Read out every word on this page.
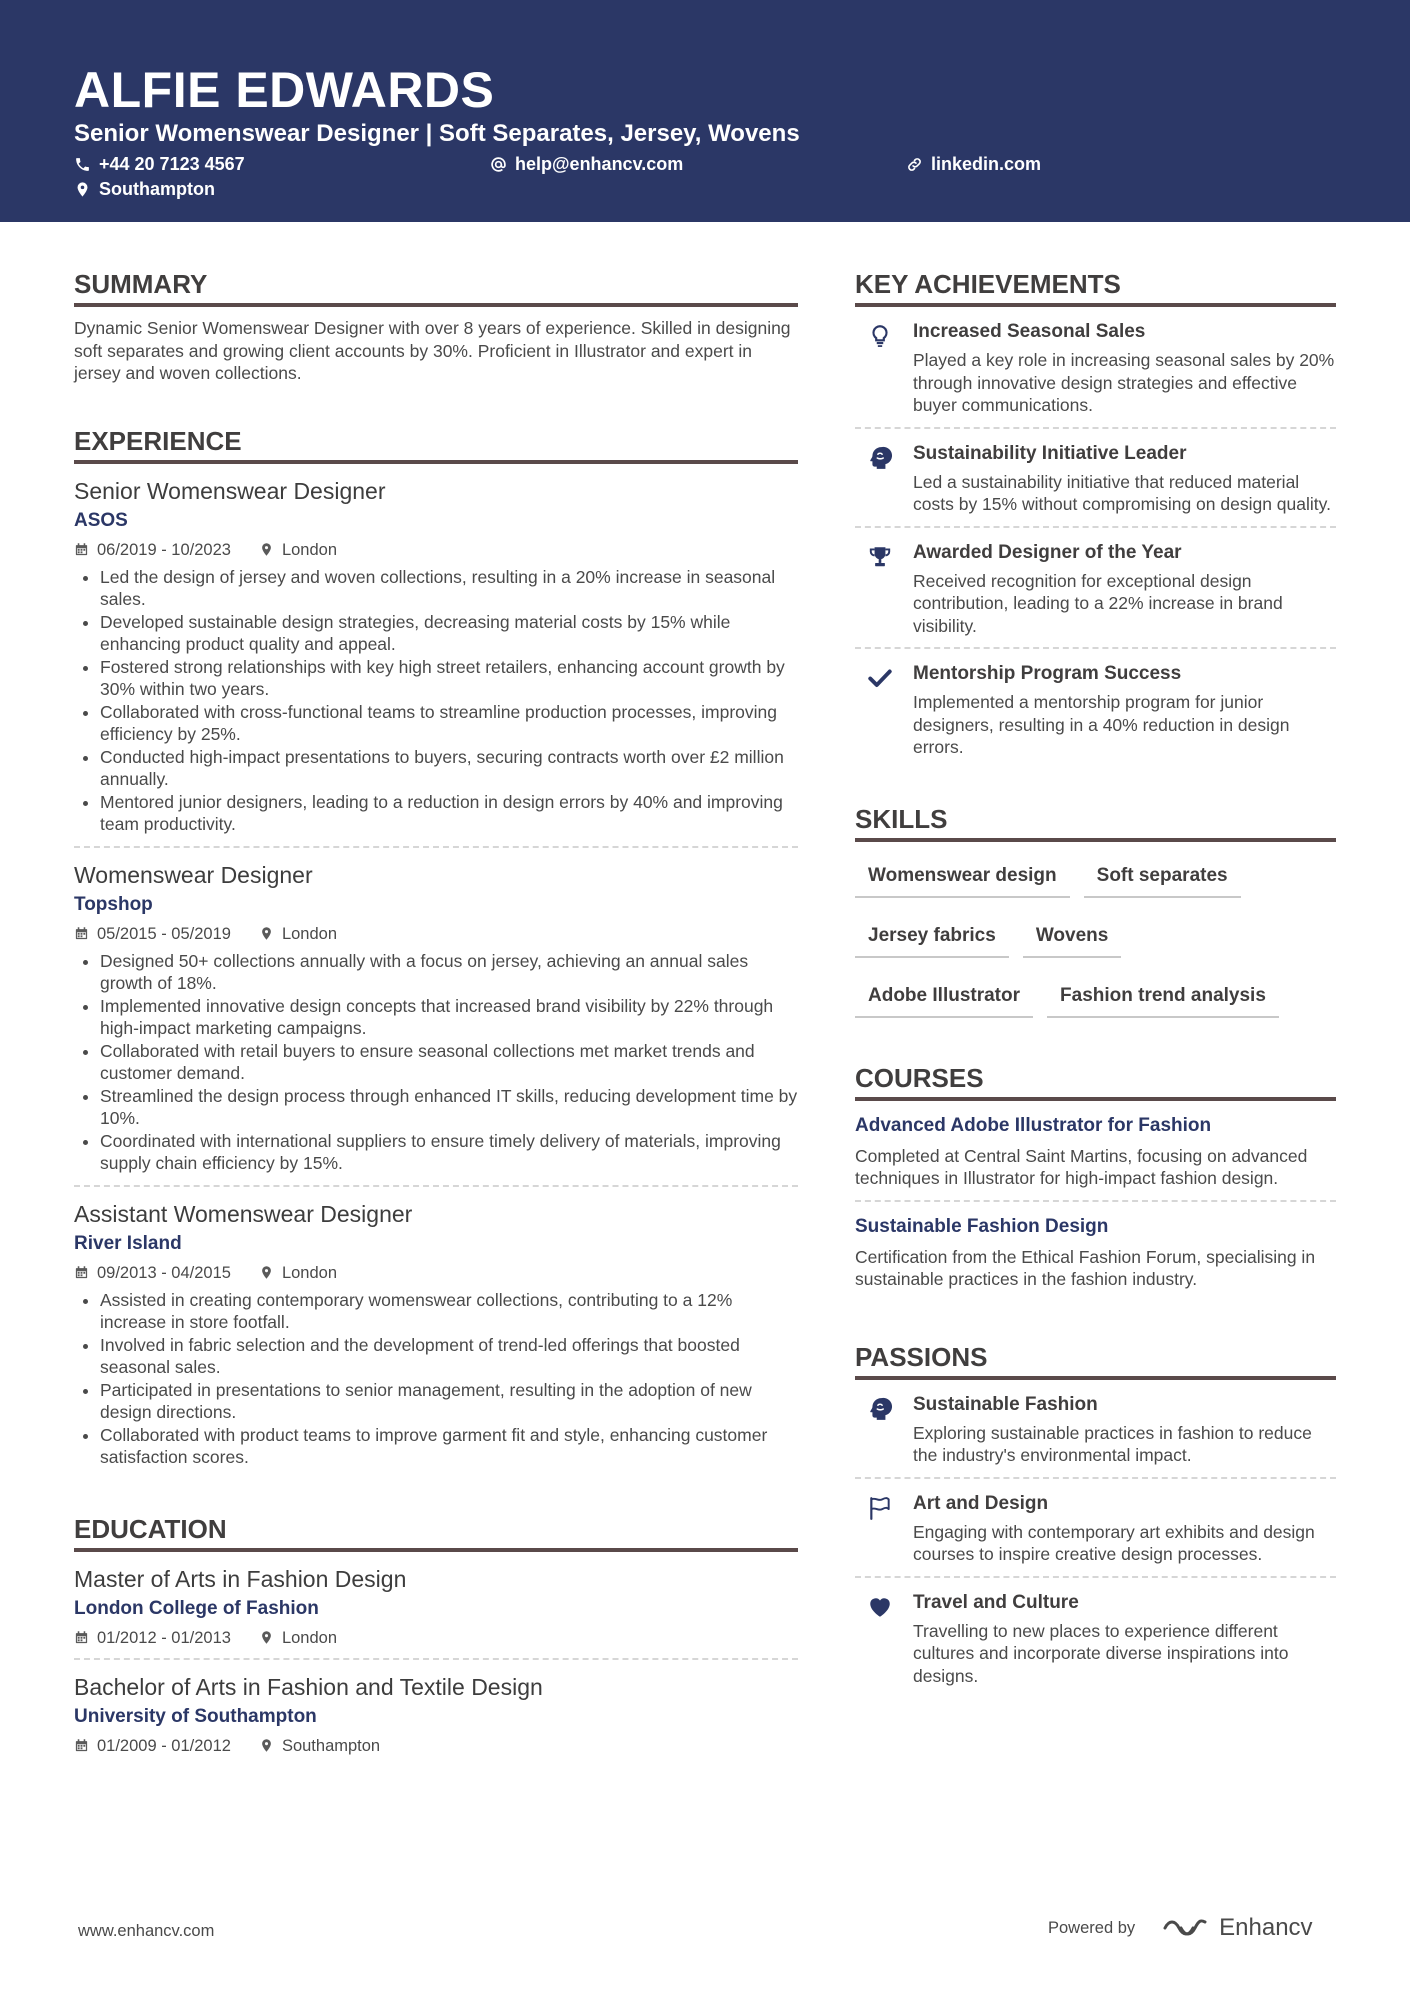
ALFIE EDWARDS
Senior Womenswear Designer | Soft Separates, Jersey, Wovens
+44 20 7123 4567	help@enhancv.com	linkedin.com
Southampton
SUMMARY
Dynamic Senior Womenswear Designer with over 8 years of experience. Skilled in designing soft separates and growing client accounts by 30%. Proficient in Illustrator and expert in jersey and woven collections.
EXPERIENCE
Senior Womenswear Designer
ASOS
06/2019 - 10/2023	London
• Led the design of jersey and woven collections, resulting in a 20% increase in seasonal sales.
• Developed sustainable design strategies, decreasing material costs by 15% while enhancing product quality and appeal.
• Fostered strong relationships with key high street retailers, enhancing account growth by 30% within two years.
• Collaborated with cross-functional teams to streamline production processes, improving efficiency by 25%.
• Conducted high-impact presentations to buyers, securing contracts worth over £2 million annually.
• Mentored junior designers, leading to a reduction in design errors by 40% and improving team productivity.
Womenswear Designer
Topshop
05/2015 - 05/2019	London
• Designed 50+ collections annually with a focus on jersey, achieving an annual sales growth of 18%.
• Implemented innovative design concepts that increased brand visibility by 22% through high-impact marketing campaigns.
• Collaborated with retail buyers to ensure seasonal collections met market trends and customer demand.
• Streamlined the design process through enhanced IT skills, reducing development time by 10%.
• Coordinated with international suppliers to ensure timely delivery of materials, improving supply chain efficiency by 15%.
Assistant Womenswear Designer
River Island
09/2013 - 04/2015	London
• Assisted in creating contemporary womenswear collections, contributing to a 12% increase in store footfall.
• Involved in fabric selection and the development of trend-led offerings that boosted seasonal sales.
• Participated in presentations to senior management, resulting in the adoption of new design directions.
• Collaborated with product teams to improve garment fit and style, enhancing customer satisfaction scores.
EDUCATION
Master of Arts in Fashion Design
London College of Fashion
01/2012 - 01/2013	London
Bachelor of Arts in Fashion and Textile Design
University of Southampton
01/2009 - 01/2012	Southampton
KEY ACHIEVEMENTS
Increased Seasonal Sales
Played a key role in increasing seasonal sales by 20% through innovative design strategies and effective buyer communications.
Sustainability Initiative Leader
Led a sustainability initiative that reduced material costs by 15% without compromising on design quality.
Awarded Designer of the Year
Received recognition for exceptional design contribution, leading to a 22% increase in brand visibility.
Mentorship Program Success
Implemented a mentorship program for junior designers, resulting in a 40% reduction in design errors.
SKILLS
Womenswear design	Soft separates
Jersey fabrics	Wovens
Adobe Illustrator	Fashion trend analysis
COURSES
Advanced Adobe Illustrator for Fashion
Completed at Central Saint Martins, focusing on advanced techniques in Illustrator for high-impact fashion design.
Sustainable Fashion Design
Certification from the Ethical Fashion Forum, specialising in sustainable practices in the fashion industry.
PASSIONS
Sustainable Fashion
Exploring sustainable practices in fashion to reduce the industry's environmental impact.
Art and Design
Engaging with contemporary art exhibits and design courses to inspire creative design processes.
Travel and Culture
Travelling to new places to experience different cultures and incorporate diverse inspirations into designs.
www.enhancv.com	Powered by	Enhancv
